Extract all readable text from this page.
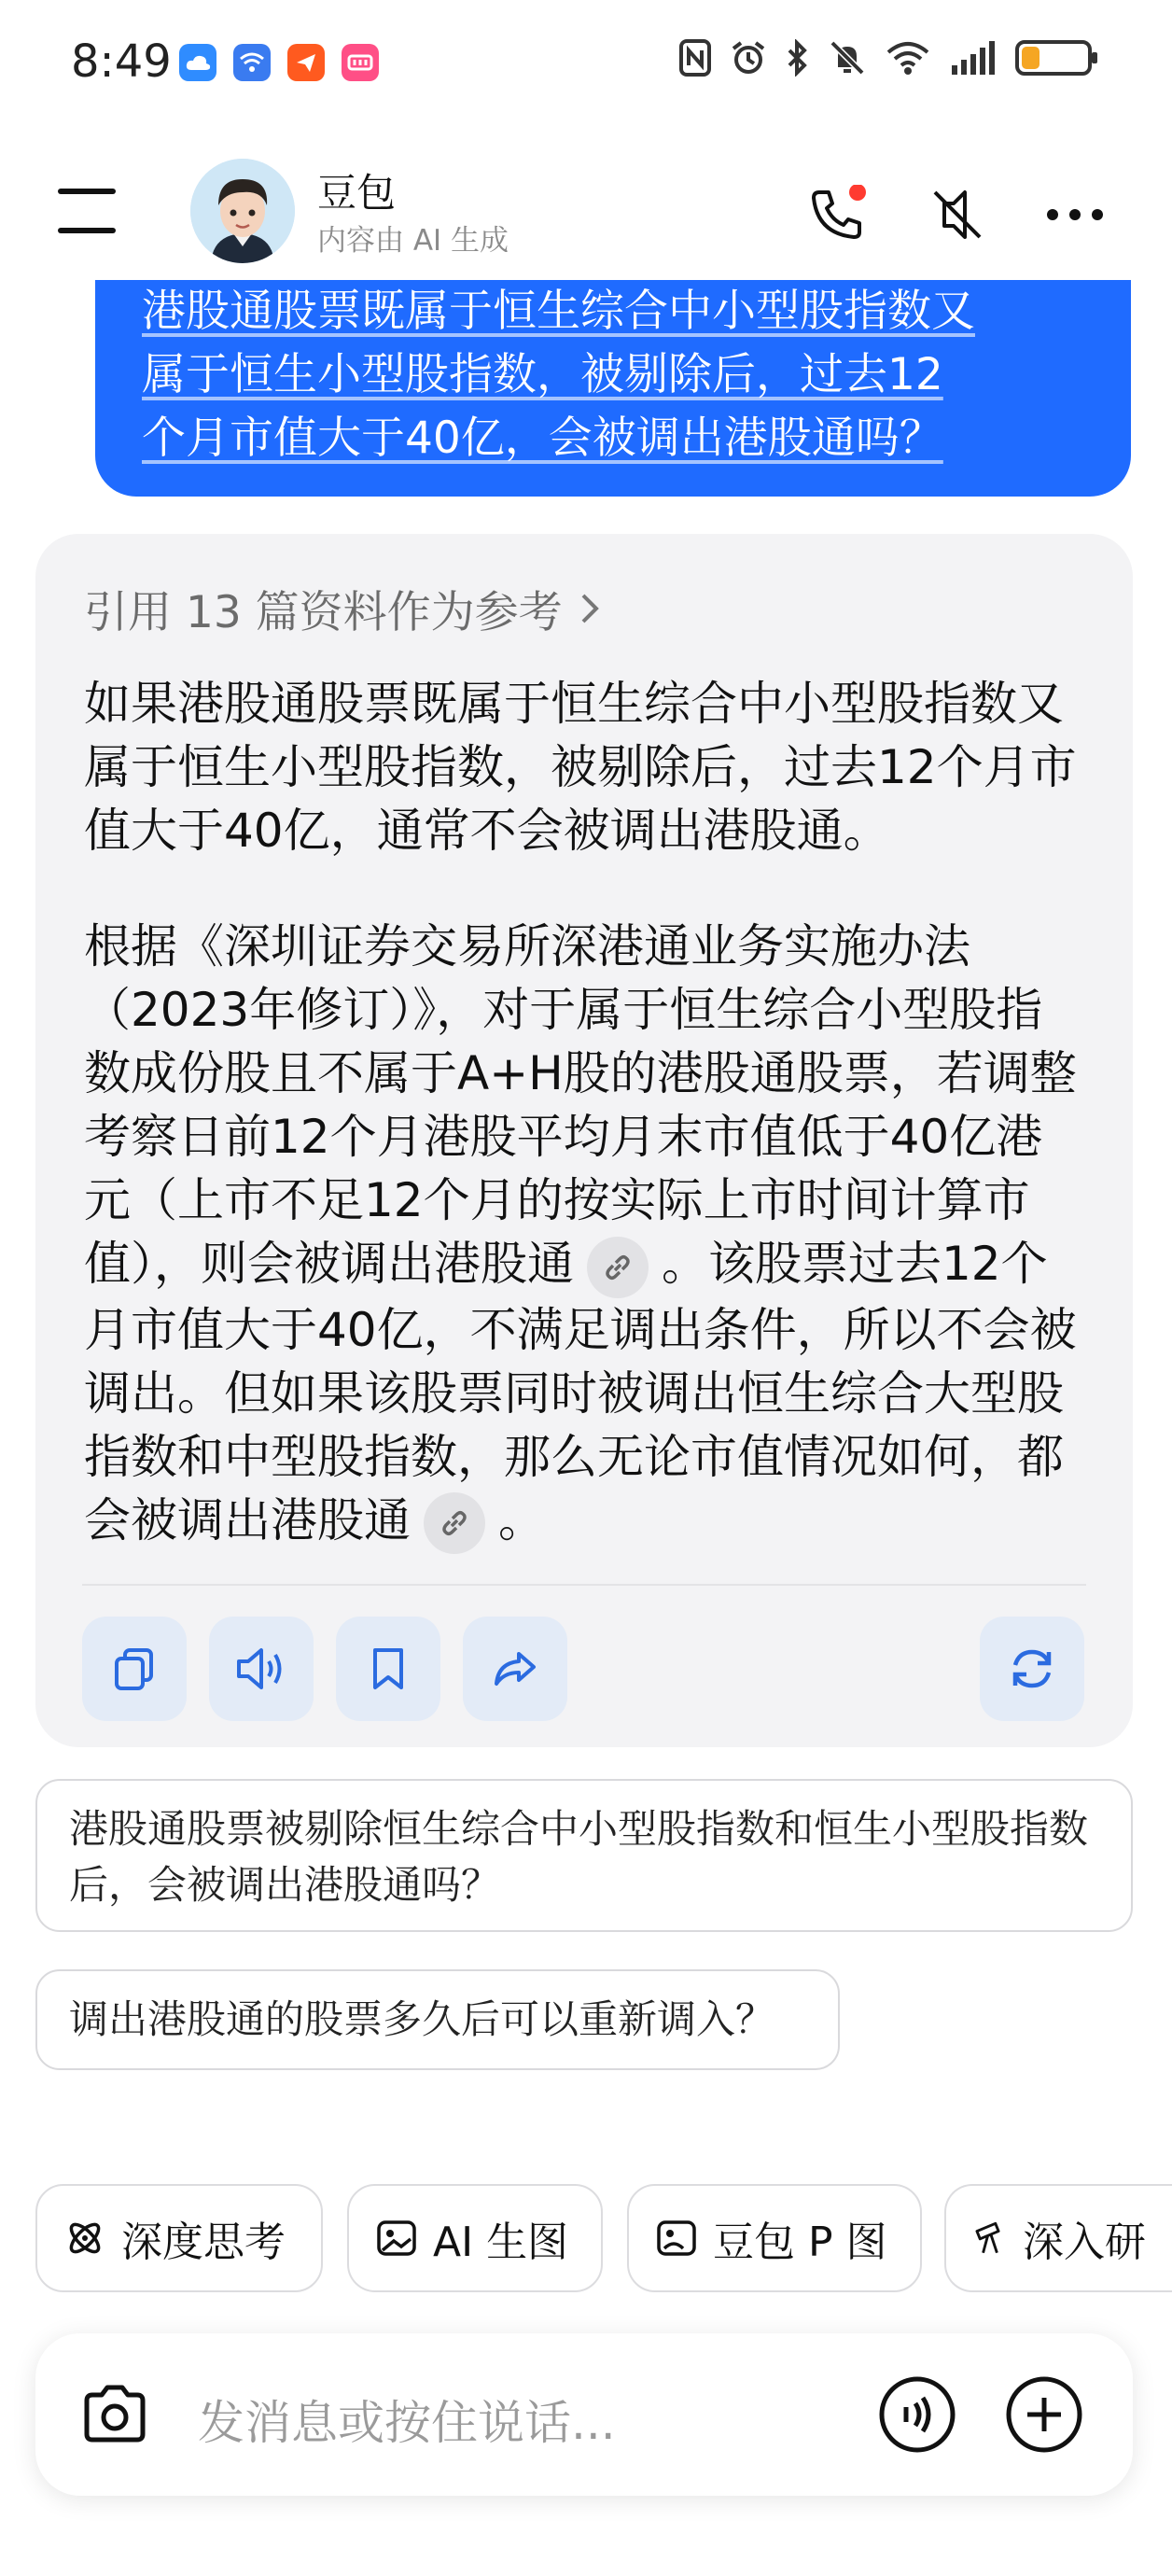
8:49
港股通股票既属于恒生综合中小型股指数又
属于恒生小型股指数，被剔除后，过去12
个月市值大于40亿，会被调出港股通吗？
豆包
内容由 AI 生成
引用 13 篇资料作为参考

如果港股通股票既属于恒生综合中小型股指数又属于恒生小型股指数，被剔除后，过去12个月市值大于40亿，通常不会被调出港股通。

根据《深圳证券交易所深港通业务实施办法（2023年修订）》，对于属于恒生综合小型股指数成份股且不属于A+H股的港股通股票，若调整考察日前12个月港股平均月末市值低于40亿港元（上市不足12个月的按实际上市时间计算市值），则会被调出港股通 。该股票过去12个月市值大于40亿，不满足调出条件，所以不会被调出。但如果该股票同时被调出恒生综合大型股指数和中型股指数，那么无论市值情况如何，都会被调出港股通 。

港股通股票被剔除恒生综合中小型股指数和恒生小型股指数后，会被调出港股通吗？
调出港股通的股票多久后可以重新调入？
深度思考	AI 生图	豆包 P 图	深入研
发消息或按住说话...
